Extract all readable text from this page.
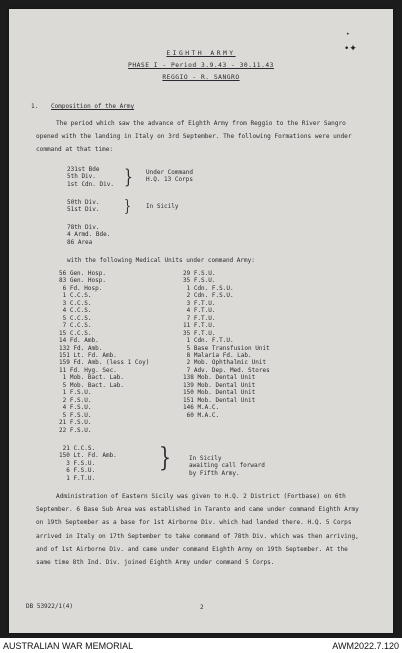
•
•✦
EIGHTH ARMY
PHASE I - Period 3.9.43 - 30.11.43
REGGIO - R. SANGRO
1. Composition of the Army
The period which saw the advance of Eighth Army from Reggio to the River Sangro opened with the landing in Italy on 3rd September. The following Formations were under command at that time:
231st Bde
5th Div.
1st Cdn. Div. } Under Command
H.Q. 13 Corps
50th Div.
51st Div. }	In Sicily
78th Div.
4 Armd. Bde.
86 Area
with the following Medical Units under command Army:
56 Gen. Hosp.
83 Gen. Hosp.
6 Fd. Hosp.
1 C.C.S.
3 C.C.S.
4 C.C.S.
5 C.C.S.
7 C.C.S.
15 C.C.S.
14 Fd. Amb.
132 Fd. Amb.
151 Lt. Fd. Amb.
159 Fd. Amb. (less 1 Coy)
11 Fd. Hyg. Sec.
1 Mob. Bact. Lab.
5 Mob. Bact. Lab.
1 F.S.U.
2 F.S.U.
4 F.S.U.
5 F.S.U.
21 F.S.U.
22 F.S.U.
29 F.S.U.
35 F.S.U.
1 Cdn. F.S.U.
2 Cdn. F.S.U.
3 F.T.U.
4 F.T.U.
7 F.T.U.
11 F.T.U.
35 F.T.U.
1 Cdn. F.T.U.
5 Base Transfusion Unit
8 Malaria Fd. Lab.
2 Mob. Ophthalmic Unit
7 Adv. Dep. Med. Stores
138 Mob. Dental Unit
139 Mob. Dental Unit
150 Mob. Dental Unit
151 Mob. Dental Unit
146 M.A.C.
60 M.A.C.
21 C.C.S.
150 Lt. Fd. Amb.
3 F.S.U.
6 F.S.U.
1 F.T.U.
}	In Sicily
awaiting call forward
by Fifth Army.
Administration of Eastern Sicily was given to H.Q. 2 District (Fortbase) on 6th September. 6 Base Sub Area was established in Taranto and came under command Eighth Army on 19th September as a base for 1st Airborne Div. which had landed there. H.Q. 5 Corps arrived in Italy on 17th September to take command of 78th Div. which was then arriving, and of 1st Airborne Div. and came under command Eighth Army on 19th September. At the same time 8th Ind. Div. joined Eighth Army under command 5 Corps.
DB 53922/1(4)	2
AUSTRALIAN WAR MEMORIAL	AWM2022.7.120
